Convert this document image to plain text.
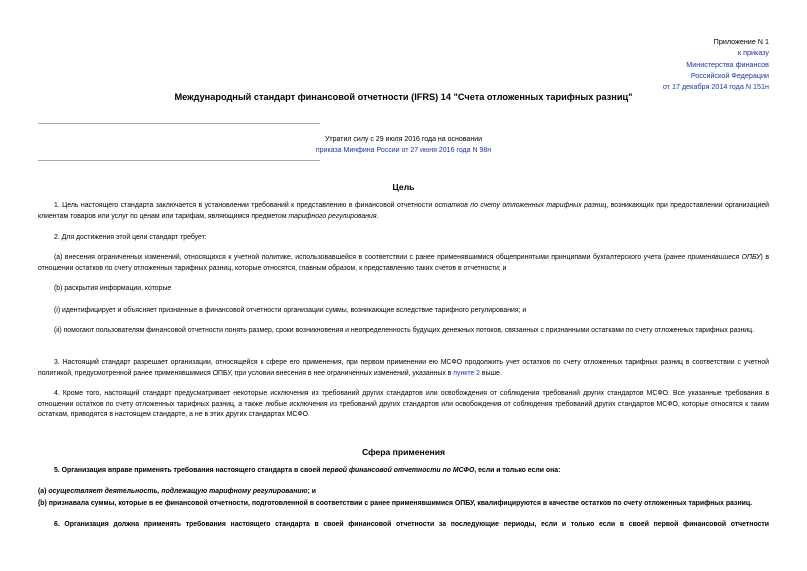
Приложение N 1
к приказу
Министерства финансов
Российской Федерации
от 17 декабря 2014 года N 151н
Международный стандарт финансовой отчетности (IFRS) 14 "Счета отложенных тарифных разниц"
Утратил силу с 29 июля 2016 года на основании
приказа Минфина России от 27 июня 2016 года N 98н
Цель
1. Цель настоящего стандарта заключается в установлении требований к представлению в финансовой отчетности остатков по счету отложенных тарифных разниц, возникающих при предоставлении организацией клиентам товаров или услуг по ценам или тарифам, являющимся предметом тарифного регулирования.
2. Для достижения этой цели стандарт требует:
(а) внесения ограниченных изменений, относящихся к учетной политике, использовавшейся в соответствии с ранее применявшимися общепринятыми принципами бухгалтерского учета (ранее применявшиеся ОПБУ) в отношении остатков по счету отложенных тарифных разниц, которые относятся, главным образом, к представлению таких счетов в отчетности; и
(b) раскрытия информации, которые
(i) идентифицирует и объясняет признанные в финансовой отчетности организации суммы, возникающие вследствие тарифного регулирования; и
(ii) помогают пользователям финансовой отчетности понять размер, сроки возникновения и неопределенность будущих денежных потоков, связанных с признанными остатками по счету отложенных тарифных разниц.
3. Настоящий стандарт разрешает организации, относящейся к сфере его применения, при первом применении ею МСФО продолжить учет остатков по счету отложенных тарифных разниц в соответствии с учетной политикой, предусмотренной ранее применявшимися ОПБУ, при условии внесения в нее ограниченных изменений, указанных в пункте 2 выше.
4. Кроме того, настоящий стандарт предусматривает некоторые исключения из требований других стандартов или освобождения от соблюдения требований других стандартов МСФО. Все указанные требования в отношении остатков по счету отложенных тарифных разниц, а также любые исключения из требований других стандартов или освобождения от соблюдения требований других стандартов МСФО, которые относятся к таким остаткам, приводятся в настоящем стандарте, а не в этих других стандартах МСФО.
Сфера применения
5. Организация вправе применять требования настоящего стандарта в своей первой финансовой отчетности по МСФО, если и только если она:
(а) осуществляет деятельность, подлежащую тарифному регулированию; и
(b) признавала суммы, которые в ее финансовой отчетности, подготовленной в соответствии с ранее применявшимися ОПБУ, квалифицируются в качестве остатков по счету отложенных тарифных разниц.
6. Организация должна применять требования настоящего стандарта в своей финансовой отчетности за последующие периоды, если и только если в своей первой финансовой отчетности
